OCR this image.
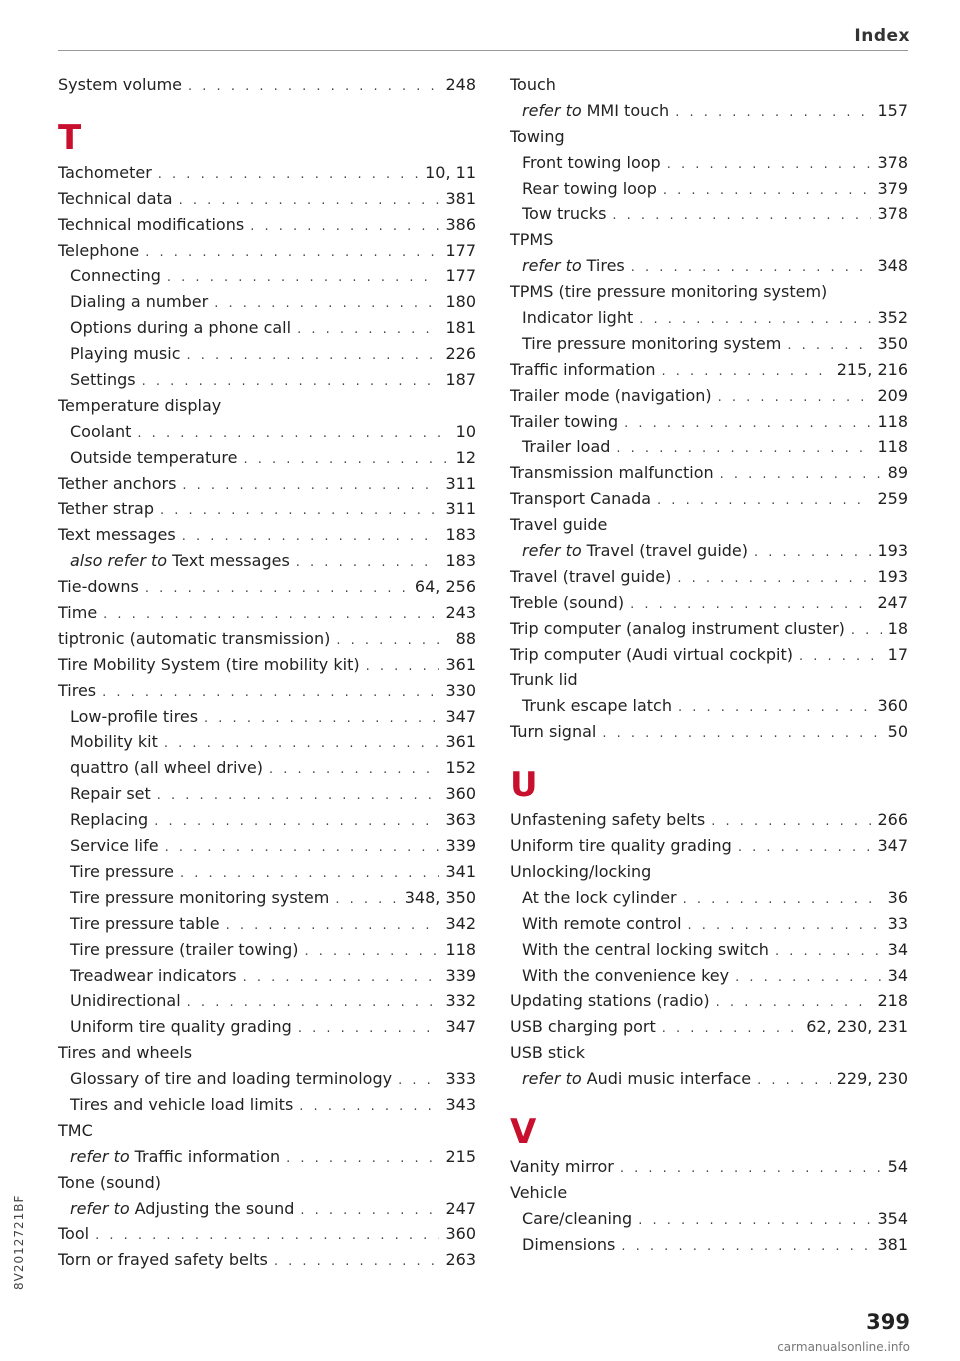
Index
System volume . . .	248
T
Tachometer . . .	10, 11
Technical data . . .	381
Technical modifications . . .	386
Telephone . . .	177
Connecting . . .	177
Dialing a number . . .	180
Options during a phone call . . .	181
Playing music . . .	226
Settings . . .	187
Temperature display
Coolant . . .	10
Outside temperature . . .	12
Tether anchors . . .	311
Tether strap . . .	311
Text messages . . .	183
also refer to Text messages . . .	183
Tie-downs . . .	64, 256
Time . . .	243
tiptronic (automatic transmission) . . .	88
Tire Mobility System (tire mobility kit) . . .	361
Tires . . .	330
Low-profile tires . . .	347
Mobility kit . . .	361
quattro (all wheel drive) . . .	152
Repair set . . .	360
Replacing . . .	363
Service life . . .	339
Tire pressure . . .	341
Tire pressure monitoring system . . .	348, 350
Tire pressure table . . .	342
Tire pressure (trailer towing) . . .	118
Treadwear indicators . . .	339
Unidirectional . . .	332
Uniform tire quality grading . . .	347
Tires and wheels
Glossary of tire and loading terminology . . .	333
Tires and vehicle load limits . . .	343
TMC
refer to Traffic information . . .	215
Tone (sound)
refer to Adjusting the sound . . .	247
Tool . . .	360
Torn or frayed safety belts . . .	263
Touch
refer to MMI touch . . .	157
Towing
Front towing loop . . .	378
Rear towing loop . . .	379
Tow trucks . . .	378
TPMS
refer to Tires . . .	348
TPMS (tire pressure monitoring system)
Indicator light . . .	352
Tire pressure monitoring system . . .	350
Traffic information . . .	215, 216
Trailer mode (navigation) . . .	209
Trailer towing . . .	118
Trailer load . . .	118
Transmission malfunction . . .	89
Transport Canada . . .	259
Travel guide
refer to Travel (travel guide) . . .	193
Travel (travel guide) . . .	193
Treble (sound) . . .	247
Trip computer (analog instrument cluster) . . .	18
Trip computer (Audi virtual cockpit) . . .	17
Trunk lid
Trunk escape latch . . .	360
Turn signal . . .	50
U
Unfastening safety belts . . .	266
Uniform tire quality grading . . .	347
Unlocking/locking
At the lock cylinder . . .	36
With remote control . . .	33
With the central locking switch . . .	34
With the convenience key . . .	34
Updating stations (radio) . . .	218
USB charging port . . .	62, 230, 231
USB stick
refer to Audi music interface . . .	229, 230
V
Vanity mirror . . .	54
Vehicle
Care/cleaning . . .	354
Dimensions . . .	381
8V2012721BF
399
carmanualsonline.info
